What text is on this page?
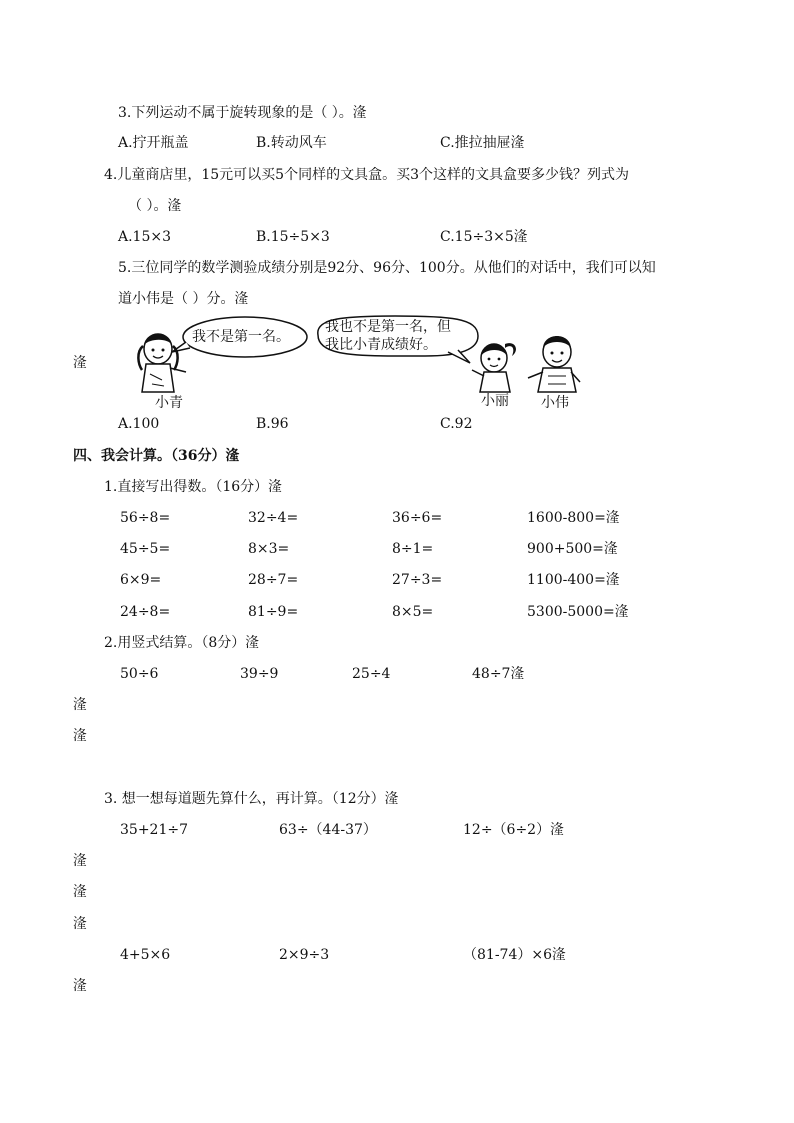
3.下列运动不属于旋转现象的是（ ）。湰
A.拧开瓶盖	B.转动风车	C.推拉抽屉湰
4.儿童商店里，15元可以买5个同样的文具盒。买3个这样的文具盒要多少钱？列式为
（ ）。湰
A.15×3	B.15÷5×3	C.15÷3×5湰
5.三位同学的数学测验成绩分别是92分、96分、100分。从他们的对话中，我们可以知
道小伟是（ ）分。湰
湰
我不是第一名。
我也不是第一名，但
我比小青成绩好。
小青	小丽 小伟
A.100	B.96	C.92
四、我会计算。（36分）湰
1.直接写出得数。（16分）湰
56÷8=	32÷4=	36÷6=	1600-800=湰
45÷5=	8×3=	8÷1=	900+500=湰
6×9=	28÷7=	27÷3=	1100-400=湰
24÷8=	81÷9=	8×5=	5300-5000=湰
2.用竖式结算。（8分）湰
50÷6	39÷9	25÷4	48÷7湰
湰
湰
3. 想一想每道题先算什么，再计算。（12分）湰
35+21÷7	63÷（44-37）	12÷（6÷2）湰
湰
湰
湰
4+5×6	2×9÷3	（81-74）×6湰
湰
